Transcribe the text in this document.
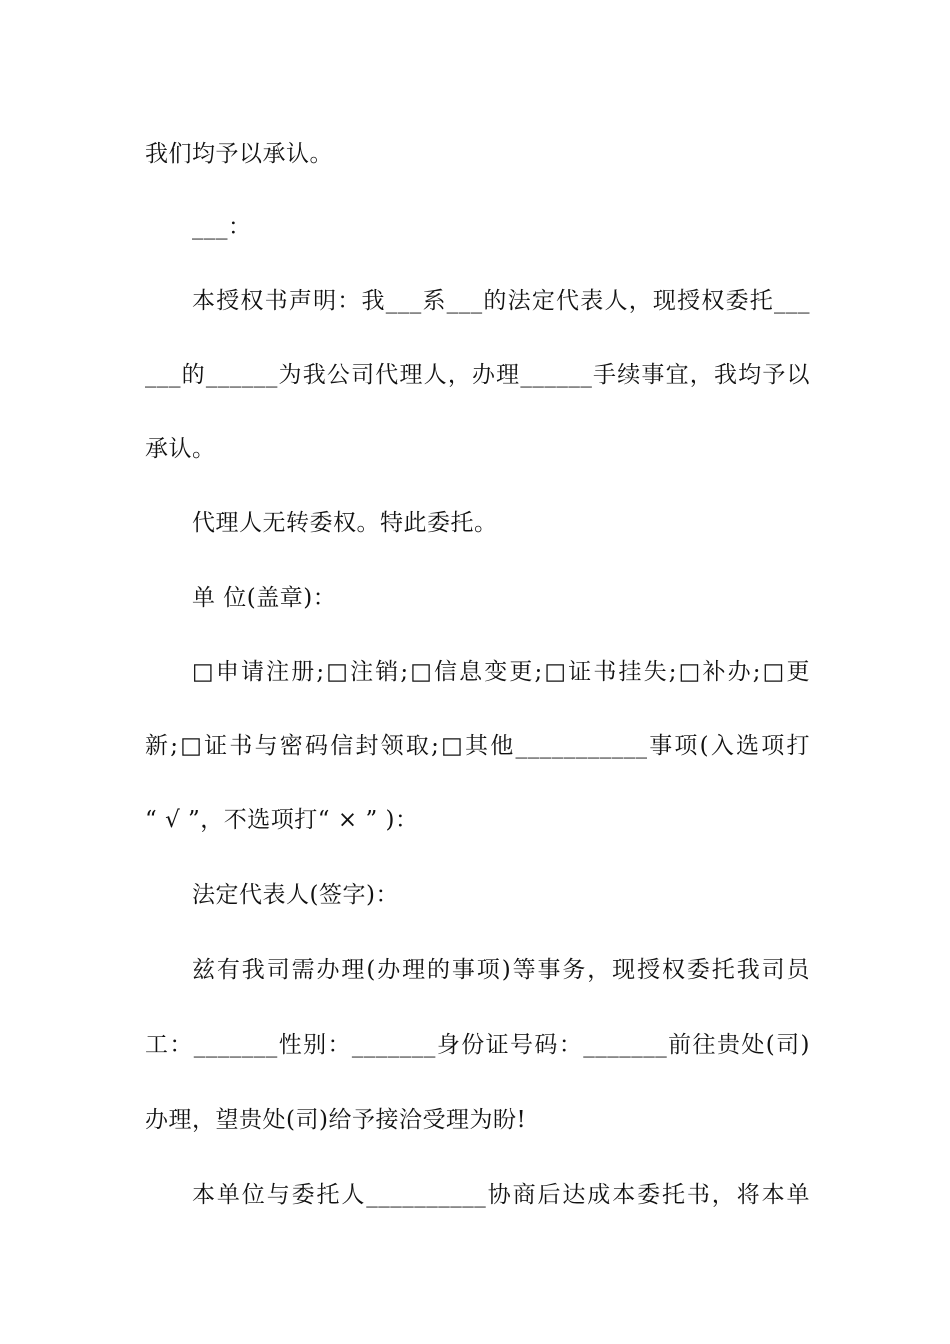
我们均予以承认。
___：
本授权书声明：我___系___的法定代表人，现授权委托___
___的______为我公司代理人，办理______手续事宜，我均予以
承认。
代理人无转委权。特此委托。
单 位(盖章)：
□申请注册;□注销;□信息变更;□证书挂失;□补办;□更
新;□证书与密码信封领取;□其他___________事项(入选项打
“ √ ”，不选项打“ × ” )：
法定代表人(签字)：
兹有我司需办理(办理的事项)等事务，现授权委托我司员
工：_______性别：_______身份证号码：_______前往贵处(司)
办理，望贵处(司)给予接洽受理为盼!
本单位与委托人__________协商后达成本委托书，将本单
